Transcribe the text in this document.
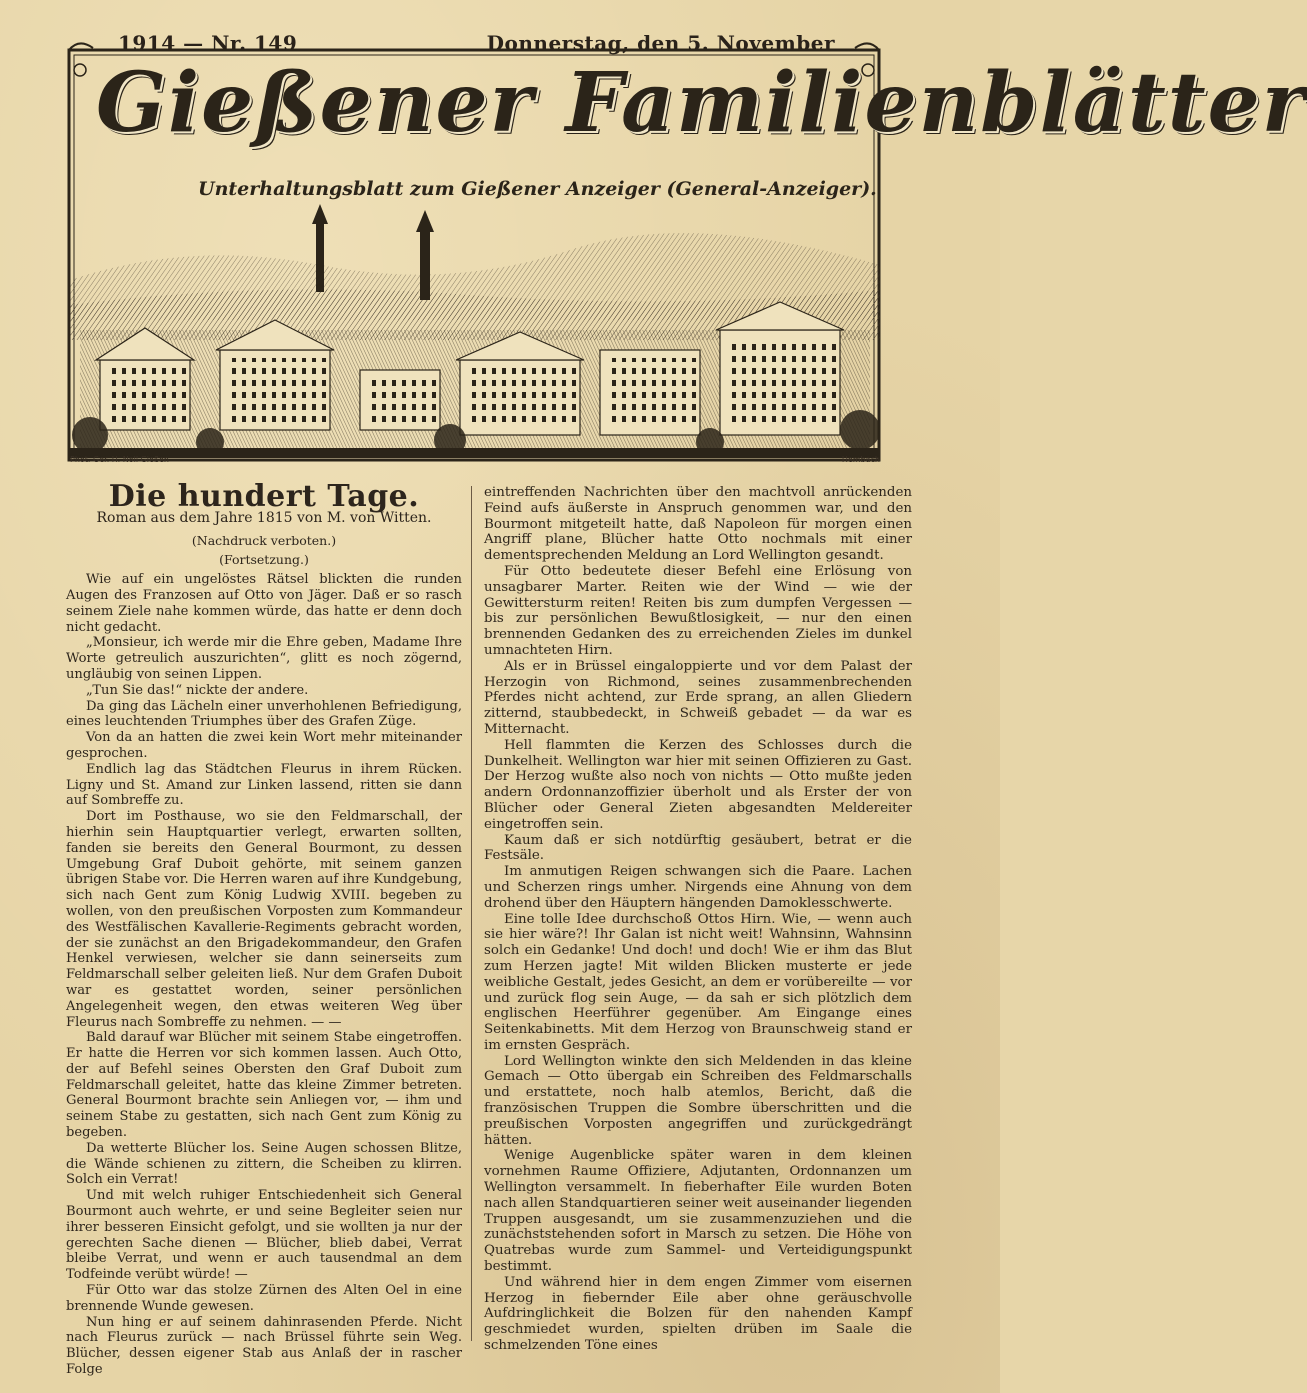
1914 — Nr. 149	Donnerstag, den 5. November
Gießener Familienblätter
Unterhaltungsblatt zum Gießener Anzeiger (General-Anzeiger).
Phot. Ger. H. Noll Gießen	Hembach

Die hundert Tage.

Roman aus dem Jahre 1815 von M. von Witten.

(Nachdruck verboten.)

(Fortsetzung.)

Wie auf ein ungelöstes Rätsel blickten die runden Augen des Franzosen auf Otto von Jäger. Daß er so rasch seinem Ziele nahe kommen würde, das hatte er denn doch nicht gedacht.

„Monsieur, ich werde mir die Ehre geben, Madame Ihre Worte getreulich auszurichten“, glitt es noch zögernd, ungläubig von seinen Lippen.

„Tun Sie das!“ nickte der andere.

Da ging das Lächeln einer unverhohlenen Befriedigung, eines leuchtenden Triumphes über des Grafen Züge.

Von da an hatten die zwei kein Wort mehr miteinander gesprochen.

Endlich lag das Städtchen Fleurus in ihrem Rücken. Ligny und St. Amand zur Linken lassend, ritten sie dann auf Sombreffe zu.

Dort im Posthause, wo sie den Feldmarschall, der hierhin sein Hauptquartier verlegt, erwarten sollten, fanden sie bereits den General Bourmont, zu dessen Umgebung Graf Duboit gehörte, mit seinem ganzen übrigen Stabe vor. Die Herren waren auf ihre Kundgebung, sich nach Gent zum König Ludwig XVIII. begeben zu wollen, von den preußischen Vorposten zum Kommandeur des Westfälischen Kavallerie-Regiments gebracht worden, der sie zunächst an den Brigadekommandeur, den Grafen Henkel verwiesen, welcher sie dann seinerseits zum Feldmarschall selber geleiten ließ. Nur dem Grafen Duboit war es gestattet worden, seiner persönlichen Angelegenheit wegen, den etwas weiteren Weg über Fleurus nach Sombreffe zu nehmen. — —

Bald darauf war Blücher mit seinem Stabe eingetroffen. Er hatte die Herren vor sich kommen lassen. Auch Otto, der auf Befehl seines Obersten den Graf Duboit zum Feldmarschall geleitet, hatte das kleine Zimmer betreten. General Bourmont brachte sein Anliegen vor, — ihm und seinem Stabe zu gestatten, sich nach Gent zum König zu begeben.

Da wetterte Blücher los. Seine Augen schossen Blitze, die Wände schienen zu zittern, die Scheiben zu klirren. Solch ein Verrat!

Und mit welch ruhiger Entschiedenheit sich General Bourmont auch wehrte, er und seine Begleiter seien nur ihrer besseren Einsicht gefolgt, und sie wollten ja nur der gerechten Sache dienen — Blücher, blieb dabei, Verrat bleibe Verrat, und wenn er auch tausendmal an dem Todfeinde verübt würde! —

Für Otto war das stolze Zürnen des Alten Oel in eine brennende Wunde gewesen.

Nun hing er auf seinem dahinrasenden Pferde. Nicht nach Fleurus zurück — nach Brüssel führte sein Weg. Blücher, dessen eigener Stab aus Anlaß der in rascher Folge

eintreffenden Nachrichten über den machtvoll anrückenden Feind aufs äußerste in Anspruch genommen war, und den Bourmont mitgeteilt hatte, daß Napoleon für morgen einen Angriff plane, Blücher hatte Otto nochmals mit einer dementsprechenden Meldung an Lord Wellington gesandt.

Für Otto bedeutete dieser Befehl eine Erlösung von unsagbarer Marter. Reiten wie der Wind — wie der Gewittersturm reiten! Reiten bis zum dumpfen Vergessen — bis zur persönlichen Bewußtlosigkeit, — nur den einen brennenden Gedanken des zu erreichenden Zieles im dunkel umnachteten Hirn.

Als er in Brüssel eingaloppierte und vor dem Palast der Herzogin von Richmond, seines zusammenbrechenden Pferdes nicht achtend, zur Erde sprang, an allen Gliedern zitternd, staubbedeckt, in Schweiß gebadet — da war es Mitternacht.

Hell flammten die Kerzen des Schlosses durch die Dunkelheit. Wellington war hier mit seinen Offizieren zu Gast. Der Herzog wußte also noch von nichts — Otto mußte jeden andern Ordonnanzoffizier überholt und als Erster der von Blücher oder General Zieten abgesandten Meldereiter eingetroffen sein.

Kaum daß er sich notdürftig gesäubert, betrat er die Festsäle.

Im anmutigen Reigen schwangen sich die Paare. Lachen und Scherzen rings umher. Nirgends eine Ahnung von dem drohend über den Häuptern hängenden Damoklesschwerte.

Eine tolle Idee durchschoß Ottos Hirn. Wie, — wenn auch sie hier wäre?! Ihr Galan ist nicht weit! Wahnsinn, Wahnsinn solch ein Gedanke! Und doch! und doch! Wie er ihm das Blut zum Herzen jagte! Mit wilden Blicken musterte er jede weibliche Gestalt, jedes Gesicht, an dem er vorübereilte — vor und zurück flog sein Auge, — da sah er sich plötzlich dem englischen Heerführer gegenüber. Am Eingange eines Seitenkabinetts. Mit dem Herzog von Braunschweig stand er im ernsten Gespräch.

Lord Wellington winkte den sich Meldenden in das kleine Gemach — Otto übergab ein Schreiben des Feldmarschalls und erstattete, noch halb atemlos, Bericht, daß die französischen Truppen die Sombre überschritten und die preußischen Vorposten angegriffen und zurückgedrängt hätten.

Wenige Augenblicke später waren in dem kleinen vornehmen Raume Offiziere, Adjutanten, Ordonnanzen um Wellington versammelt. In fieberhafter Eile wurden Boten nach allen Standquartieren seiner weit auseinander liegenden Truppen ausgesandt, um sie zusammenzuziehen und die zunächststehenden sofort in Marsch zu setzen. Die Höhe von Quatrebas wurde zum Sammel- und Verteidigungspunkt bestimmt.

Und während hier in dem engen Zimmer vom eisernen Herzog in fiebernder Eile aber ohne geräuschvolle Aufdringlichkeit die Bolzen für den nahenden Kampf geschmiedet wurden, spielten drüben im Saale die schmelzenden Töne eines
